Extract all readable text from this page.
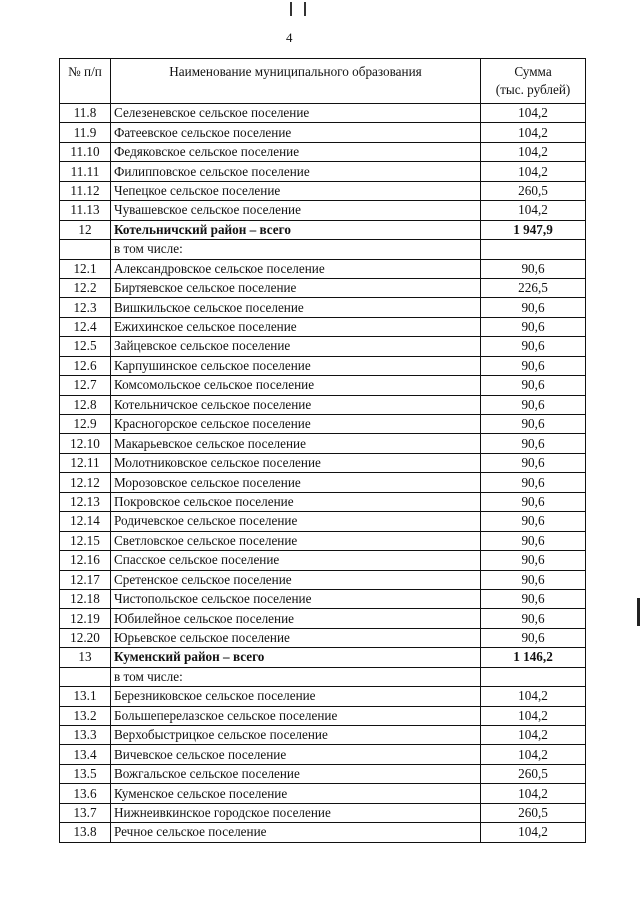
4
№ п/п	Наименование муниципального образования	Сумма
(тыс. рублей)

11.8	Селезеневское сельское поселение	104,2
11.9	Фатеевское сельское поселение	104,2
11.10	Федяковское сельское поселение	104,2
11.11	Филипповское сельское поселение	104,2
11.12	Чепецкое сельское поселение	260,5
11.13	Чувашевское сельское поселение	104,2
12	Котельничский район – всего	1 947,9
	в том числе:	
12.1	Александровское сельское поселение	90,6
12.2	Биртяевское сельское поселение	226,5
12.3	Вишкильское сельское поселение	90,6
12.4	Ежихинское сельское поселение	90,6
12.5	Зайцевское сельское поселение	90,6
12.6	Карпушинское сельское поселение	90,6
12.7	Комсомольское сельское поселение	90,6
12.8	Котельничское сельское поселение	90,6
12.9	Красногорское сельское поселение	90,6
12.10	Макарьевское сельское поселение	90,6
12.11	Молотниковское сельское поселение	90,6
12.12	Морозовское сельское поселение	90,6
12.13	Покровское сельское поселение	90,6
12.14	Родичевское сельское поселение	90,6
12.15	Светловское сельское поселение	90,6
12.16	Спасское сельское поселение	90,6
12.17	Сретенское сельское поселение	90,6
12.18	Чистопольское сельское поселение	90,6
12.19	Юбилейное сельское поселение	90,6
12.20	Юрьевское сельское поселение	90,6
13	Куменский район – всего	1 146,2
	в том числе:	
13.1	Березниковское сельское поселение	104,2
13.2	Большеперелазское сельское поселение	104,2
13.3	Верхобыстрицкое сельское поселение	104,2
13.4	Вичевское сельское поселение	104,2
13.5	Вожгальское сельское поселение	260,5
13.6	Куменское сельское поселение	104,2
13.7	Нижнеивкинское городское поселение	260,5
13.8	Речное сельское поселение	104,2
